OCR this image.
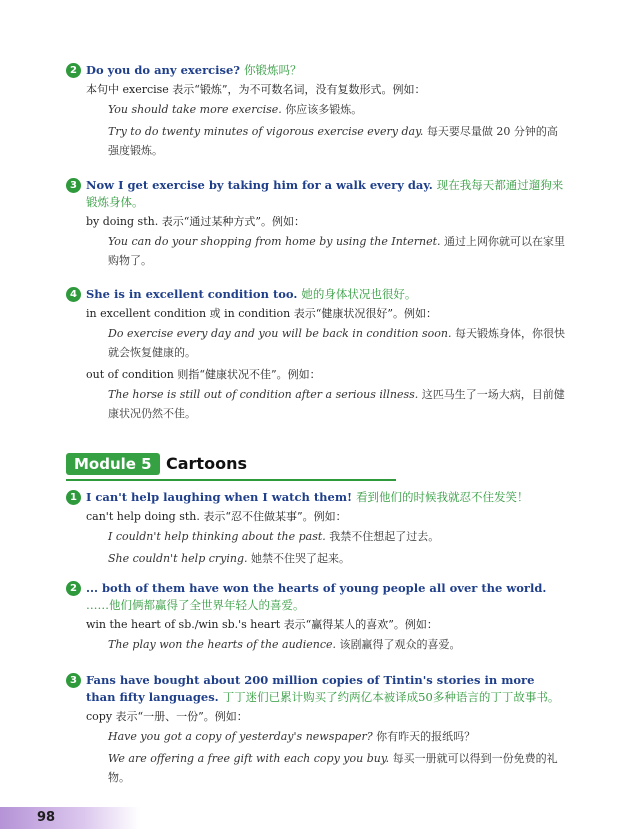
2 Do you do any exercise? 你锻炼吗？
本句中 exercise 表示“锻炼”，为不可数名词，没有复数形式。例如：
You should take more exercise. 你应该多锻炼。
Try to do twenty minutes of vigorous exercise every day. 每天要尽量做 20 分钟的高强度锻炼。
3 Now I get exercise by taking him for a walk every day. 现在我每天都通过遛狗来锻炼身体。
by doing sth. 表示“通过某种方式”。例如：
You can do your shopping from home by using the Internet. 通过上网你就可以在家里购物了。
4 She is in excellent condition too. 她的身体状况也很好。
in excellent condition 或 in condition 表示“健康状况很好”。例如：
Do exercise every day and you will be back in condition soon. 每天锻炼身体，你很快就会恢复健康的。
out of condition 则指“健康状况不佳”。例如：
The horse is still out of condition after a serious illness. 这匹马生了一场大病，目前健康状况仍然不佳。
Module 5 Cartoons
1 I can't help laughing when I watch them! 看到他们的时候我就忍不住发笑！
can't help doing sth. 表示“忍不住做某事”。例如：
I couldn't help thinking about the past. 我禁不住想起了过去。
She couldn't help crying. 她禁不住哭了起来。
2 ... both of them have won the hearts of young people all over the world. ……他们俩都赢得了全世界年轻人的喜爱。
win the heart of sb./win sb.'s heart 表示“赢得某人的喜欢”。例如：
The play won the hearts of the audience. 该剧赢得了观众的喜爱。
3 Fans have bought about 200 million copies of Tintin's stories in more than fifty languages. 丁丁迷们已累计购买了约两亿本被译成50多种语言的丁丁故事书。
copy 表示“一册、一份”。例如：
Have you got a copy of yesterday's newspaper? 你有昨天的报纸吗？
We are offering a free gift with each copy you buy. 每买一册就可以得到一份免费的礼物。
98
